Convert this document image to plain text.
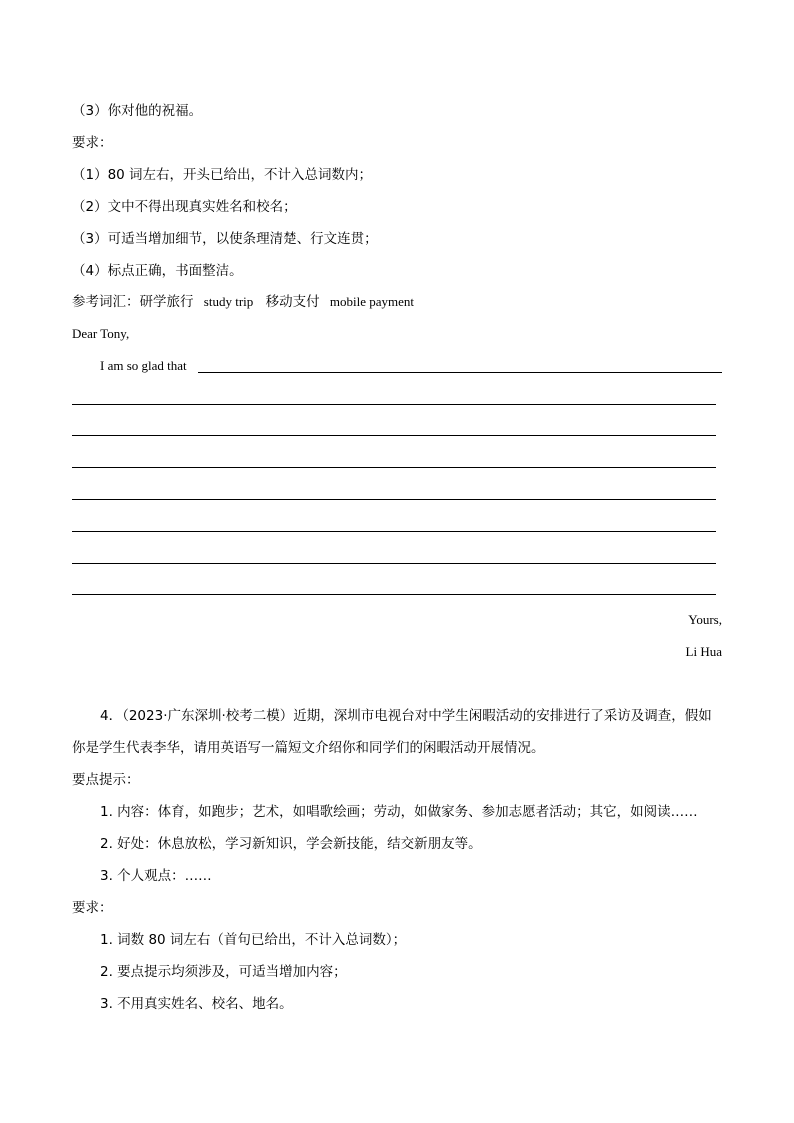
（3）你对他的祝福。
要求：
（1）80 词左右，开头已给出，不计入总词数内；
（2）文中不得出现真实姓名和校名；
（3）可适当增加细节，以使条理清楚、行文连贯；
（4）标点正确，书面整洁。
参考词汇：研学旅行 study trip 移动支付 mobile payment
Dear Tony,
I am so glad that
Yours,
Li Hua
4．（2023·广东深圳·校考二模）近期，深圳市电视台对中学生闲暇活动的安排进行了采访及调查，假如
你是学生代表李华，请用英语写一篇短文介绍你和同学们的闲暇活动开展情况。
要点提示：
1. 内容：体育，如跑步；艺术，如唱歌绘画；劳动，如做家务、参加志愿者活动；其它，如阅读……
2. 好处：休息放松，学习新知识，学会新技能，结交新朋友等。
3. 个人观点：……
要求：
1. 词数 80 词左右（首句已给出，不计入总词数）；
2. 要点提示均须涉及，可适当增加内容；
3. 不用真实姓名、校名、地名。
